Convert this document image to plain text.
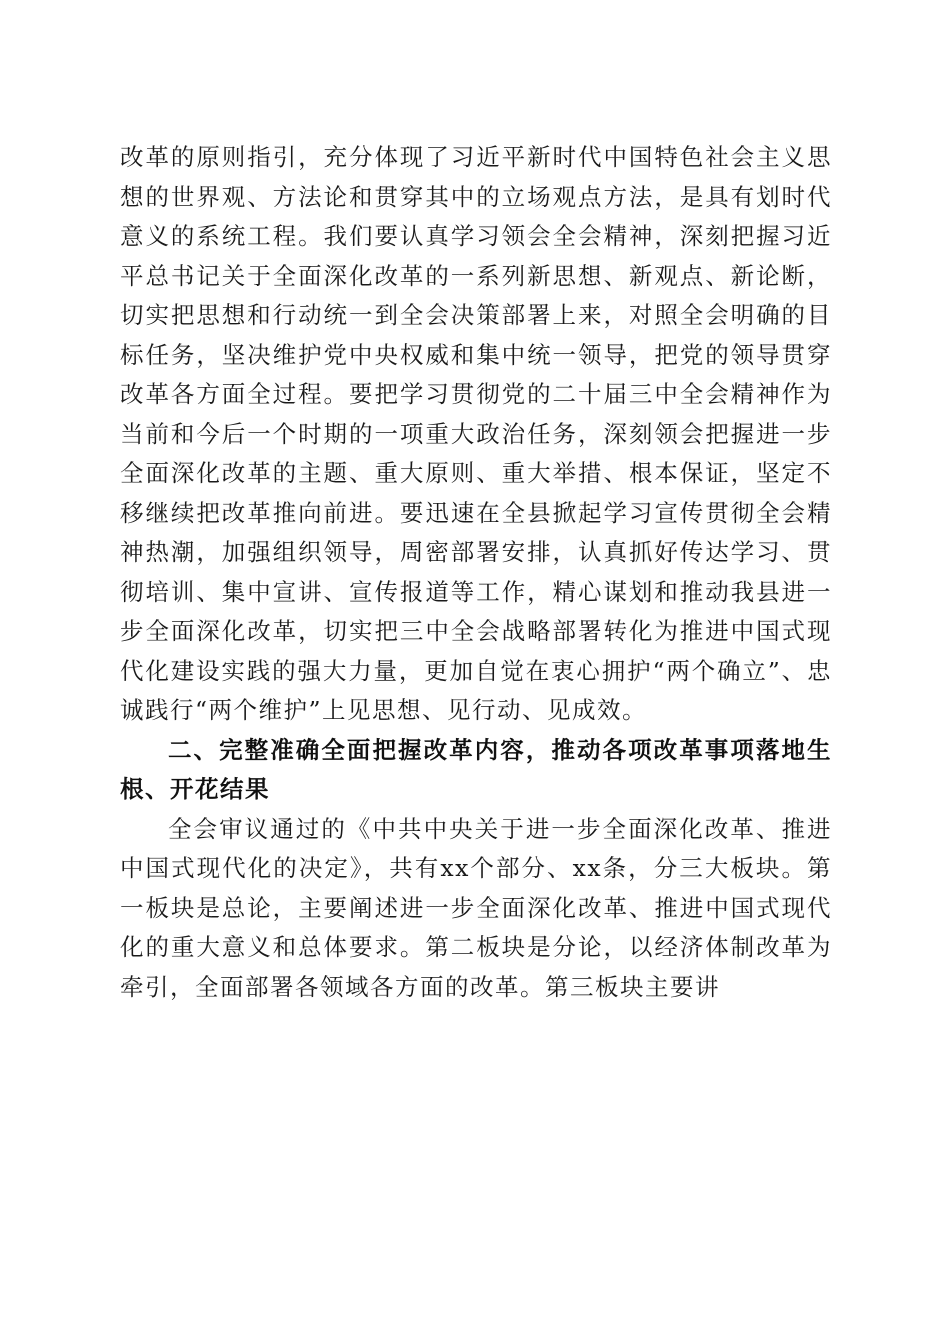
改革的原则指引，充分体现了习近平新时代中国特色社会主义思想的世界观、方法论和贯穿其中的立场观点方法，是具有划时代意义的系统工程。我们要认真学习领会全会精神，深刻把握习近平总书记关于全面深化改革的一系列新思想、新观点、新论断，切实把思想和行动统一到全会决策部署上来，对照全会明确的目标任务，坚决维护党中央权威和集中统一领导，把党的领导贯穿改革各方面全过程。要把学习贯彻党的二十届三中全会精神作为当前和今后一个时期的一项重大政治任务，深刻领会把握进一步全面深化改革的主题、重大原则、重大举措、根本保证，坚定不移继续把改革推向前进。要迅速在全县掀起学习宣传贯彻全会精神热潮，加强组织领导，周密部署安排，认真抓好传达学习、贯彻培训、集中宣讲、宣传报道等工作，精心谋划和推动我县进一步全面深化改革，切实把三中全会战略部署转化为推进中国式现代化建设实践的强大力量，更加自觉在衷心拥护“两个确立”、忠诚践行“两个维护”上见思想、见行动、见成效。

二、完整准确全面把握改革内容，推动各项改革事项落地生根、开花结果

全会审议通过的《中共中央关于进一步全面深化改革、推进中国式现代化的决定》，共有xx个部分、xx条，分三大板块。第一板块是总论，主要阐述进一步全面深化改革、推进中国式现代化的重大意义和总体要求。第二板块是分论，以经济体制改革为牵引，全面部署各领域各方面的改革。第三板块主要讲
